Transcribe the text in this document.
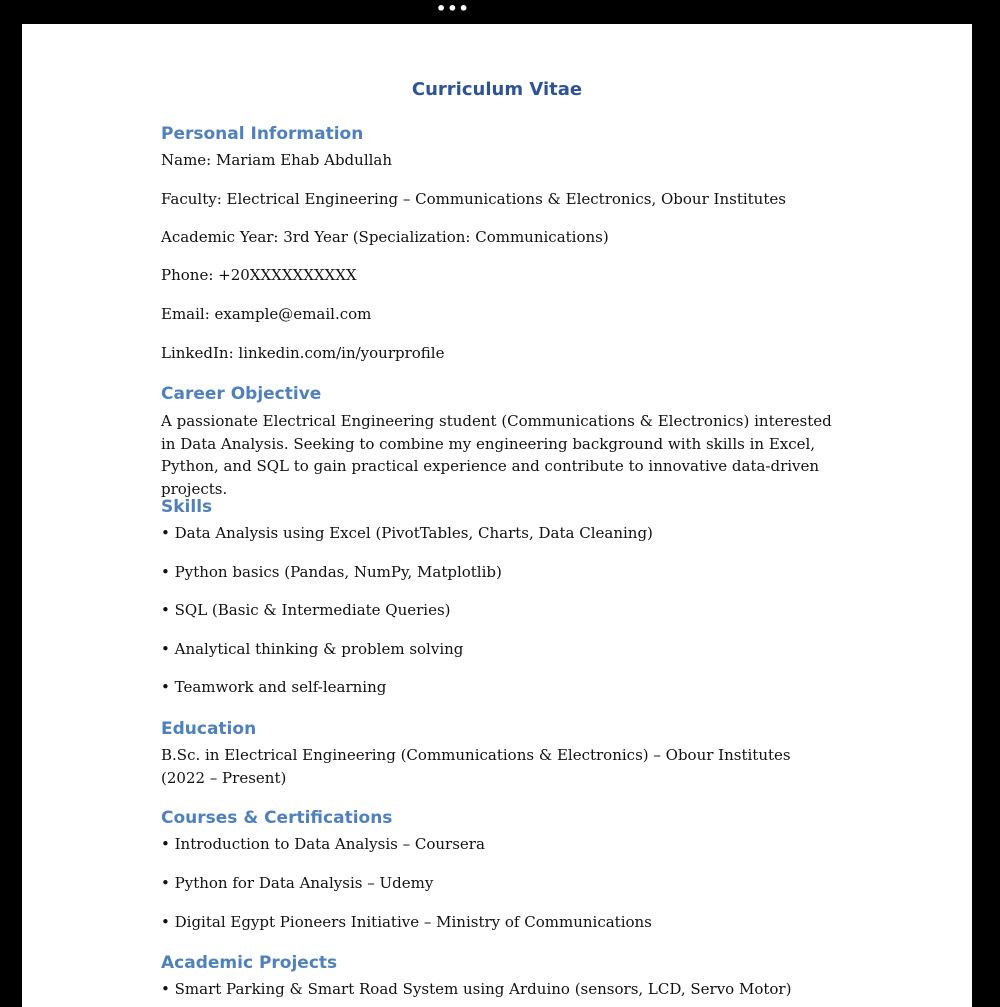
•••
Curriculum Vitae
Personal Information

Name: Mariam Ehab Abdullah

Faculty: Electrical Engineering – Communications & Electronics, Obour Institutes

Academic Year: 3rd Year (Specialization: Communications)

Phone: +20XXXXXXXXXX

Email: example@email.com

LinkedIn: linkedin.com/in/yourprofile

Career Objective

A passionate Electrical Engineering student (Communications & Electronics) interested in Data Analysis. Seeking to combine my engineering background with skills in Excel, Python, and SQL to gain practical experience and contribute to innovative data-driven projects.

Skills

• Data Analysis using Excel (PivotTables, Charts, Data Cleaning)

• Python basics (Pandas, NumPy, Matplotlib)

• SQL (Basic & Intermediate Queries)

• Analytical thinking & problem solving

• Teamwork and self-learning

Education

B.Sc. in Electrical Engineering (Communications & Electronics) – Obour Institutes (2022 – Present)

Courses & Certifications

• Introduction to Data Analysis – Coursera

• Python for Data Analysis – Udemy

• Digital Egypt Pioneers Initiative – Ministry of Communications

Academic Projects

• Smart Parking & Smart Road System using Arduino (sensors, LCD, Servo Motor)
